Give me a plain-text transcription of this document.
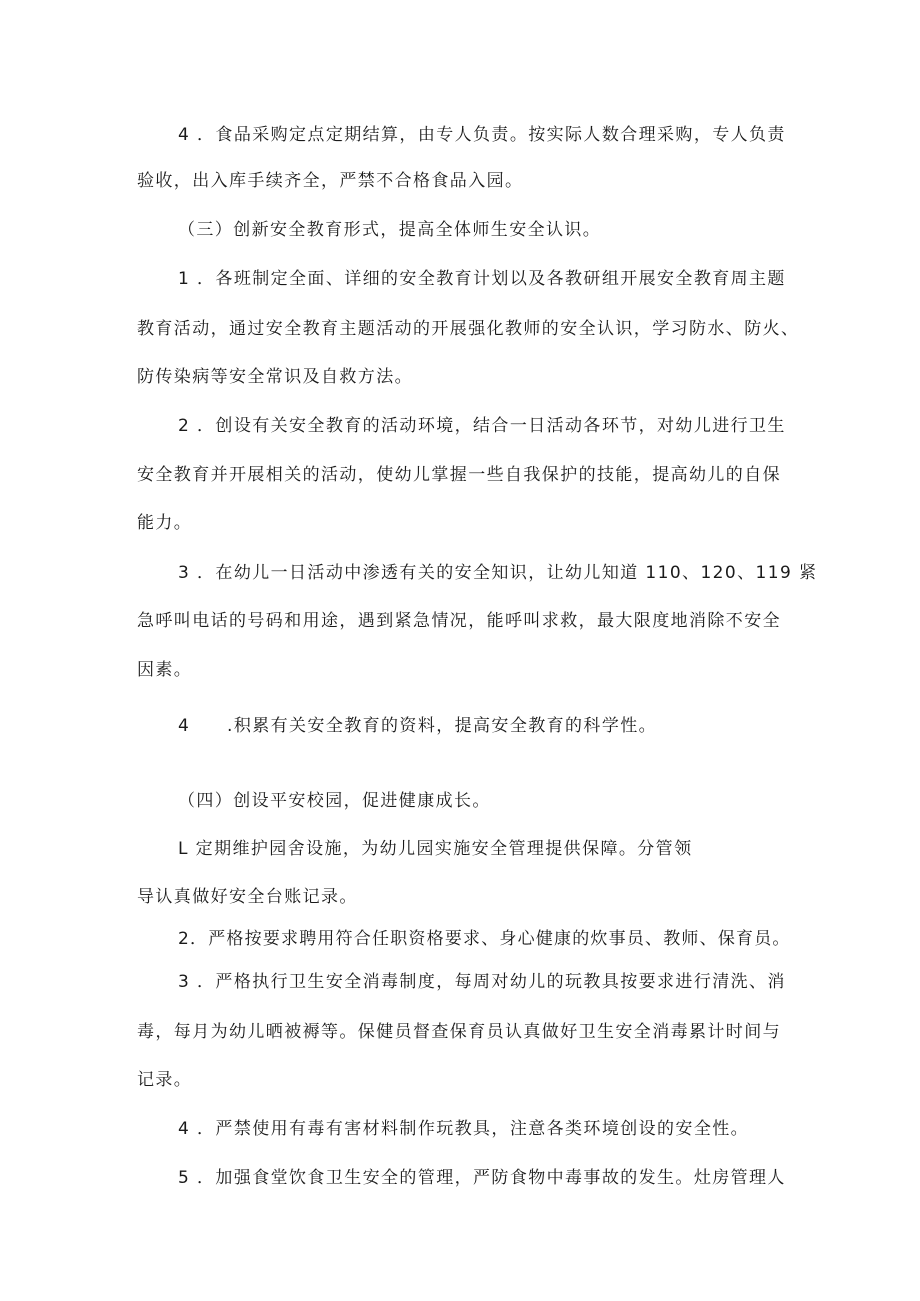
4 ．食品采购定点定期结算，由专人负责。按实际人数合理采购，专人负责
验收，出入库手续齐全，严禁不合格食品入园。
（三）创新安全教育形式，提高全体师生安全认识。
1 ．各班制定全面、详细的安全教育计划以及各教研组开展安全教育周主题
教育活动，通过安全教育主题活动的开展强化教师的安全认识，学习防水、防火、
防传染病等安全常识及自救方法。
2 ．创设有关安全教育的活动环境，结合一日活动各环节，对幼儿进行卫生
安全教育并开展相关的活动，使幼儿掌握一些自我保护的技能，提高幼儿的自保
能力。
3 ．在幼儿一日活动中渗透有关的安全知识，让幼儿知道 110、120、119 紧
急呼叫电话的号码和用途，遇到紧急情况，能呼叫求救，最大限度地消除不安全
因素。
4　　.积累有关安全教育的资料，提高安全教育的科学性。
（四）创设平安校园，促进健康成长。
L 定期维护园舍设施，为幼儿园实施安全管理提供保障。分管领
导认真做好安全台账记录。
2．严格按要求聘用符合任职资格要求、身心健康的炊事员、教师、保育员。
3 ．严格执行卫生安全消毒制度，每周对幼儿的玩教具按要求进行清洗、消
毒，每月为幼儿晒被褥等。保健员督查保育员认真做好卫生安全消毒累计时间与
记录。
4 ．严禁使用有毒有害材料制作玩教具，注意各类环境创设的安全性。
5 ．加强食堂饮食卫生安全的管理，严防食物中毒事故的发生。灶房管理人
